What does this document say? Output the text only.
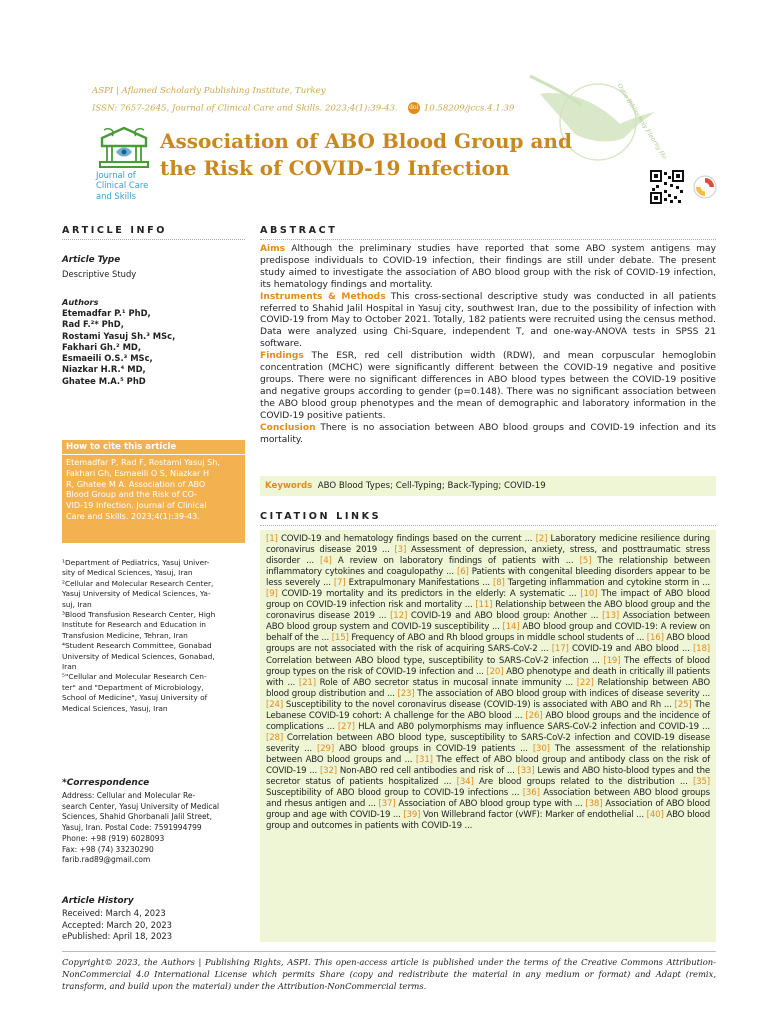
ASPI | Aflamed Scholarly Publishing Institute, Turkey
ISSN: 7657-2645, Journal of Clinical Care and Skills. 2023;4(1):39-43. doi 10.58209/jccs.4.1.39	Ostio Bibliocholy Flearny Ho
Journal of
Clinical Care
and Skills
Association of ABO Blood Group and
the Risk of COVID-19 Infection
ARTICLE INFO
Article Type
Descriptive Study
Authors
Etemadfar P.¹ PhD,
Rad F.²* PhD,
Rostami Yasuj Sh.³ MSc,
Fakhari Gh.² MD,
Esmaeili O.S.³ MSc,
Niazkar H.R.⁴ MD,
Ghatee M.A.⁵ PhD
How to cite this article
Etemadfar P, Rad F, Rostami Yasuj Sh,
Fakhari Gh, Esmaeili O S, Niazkar H
R, Ghatee M A. Association of ABO
Blood Group and the Risk of CO-
VID-19 Infection. Journal of Clinical
Care and Skills. 2023;4(1):39-43.
¹Department of Pediatrics, Yasuj Univer-
sity of Medical Sciences, Yasuj, Iran
²Cellular and Molecular Research Center,
Yasuj University of Medical Sciences, Ya-
suj, Iran
³Blood Transfusion Research Center, High
Institute for Research and Education in
Transfusion Medicine, Tehran, Iran
⁴Student Research Committee, Gonabad
University of Medical Sciences, Gonabad,
Iran
⁵"Cellular and Molecular Research Cen-
ter" and "Department of Microbiology,
School of Medicine", Yasuj University of
Medical Sciences, Yasuj, Iran
*Correspondence
Address: Cellular and Molecular Re-
search Center, Yasuj University of Medical
Sciences, Shahid Ghorbanali Jalil Street,
Yasuj, Iran. Postal Code: 7591994799
Phone: +98 (919) 6028093
Fax: +98 (74) 33230290
farib.rad89@gmail.com
Article History
Received: March 4, 2023
Accepted: March 20, 2023
ePublished: April 18, 2023
ABSTRACT

Aims Although the preliminary studies have reported that some ABO system antigens may predispose individuals to COVID-19 infection, their findings are still under debate. The present study aimed to investigate the association of ABO blood group with the risk of COVID-19 infection, its hematology findings and mortality.

Instruments & Methods This cross-sectional descriptive study was conducted in all patients referred to Shahid Jalil Hospital in Yasuj city, southwest Iran, due to the possibility of infection with COVID-19 from May to October 2021. Totally, 182 patients were recruited using the census method. Data were analyzed using Chi-Square, independent T, and one-way-ANOVA tests in SPSS 21 software.

Findings The ESR, red cell distribution width (RDW), and mean corpuscular hemoglobin concentration (MCHC) were significantly different between the COVID-19 negative and positive groups. There were no significant differences in ABO blood types between the COVID-19 positive and negative groups according to gender (p=0.148). There was no significant association between the ABO blood group phenotypes and the mean of demographic and laboratory information in the COVID-19 positive patients.

Conclusion There is no association between ABO blood groups and COVID-19 infection and its mortality.

Keywords ABO Blood Types; Cell-Typing; Back-Typing; COVID-19
CITATION LINKS

[1] COVID-19 and hematology findings based on the current ... [2] Laboratory medicine resilience during coronavirus disease 2019 ... [3] Assessment of depression, anxiety, stress, and posttraumatic stress disorder ... [4] A review on laboratory findings of patients with ... [5] The relationship between inflammatory cytokines and coagulopathy ... [6] Patients with congenital bleeding disorders appear to be less severely ... [7] Extrapulmonary Manifestations ... [8] Targeting inflammation and cytokine storm in ... [9] COVID-19 mortality and its predictors in the elderly: A systematic ... [10] The impact of ABO blood group on COVID-19 infection risk and mortality ... [11] Relationship between the ABO blood group and the coronavirus disease 2019 ... [12] COVID-19 and ABO blood group: Another ... [13] Association between ABO blood group system and COVID-19 susceptibility ... [14] ABO blood group and COVID-19: A review on behalf of the ... [15] Frequency of ABO and Rh blood groups in middle school students of ... [16] ABO blood groups are not associated with the risk of acquiring SARS-CoV-2 ... [17] COVID-19 and ABO blood ... [18] Correlation between ABO blood type, susceptibility to SARS-CoV-2 infection ... [19] The effects of blood group types on the risk of COVID-19 infection and ... [20] ABO phenotype and death in critically ill patients with ... [21] Role of ABO secretor status in mucosal innate immunity ... [22] Relationship between ABO blood group distribution and ... [23] The association of ABO blood group with indices of disease severity ... [24] Susceptibility to the novel coronavirus disease (COVID-19) is associated with ABO and Rh ... [25] The Lebanese COVID-19 cohort: A challenge for the ABO blood ... [26] ABO blood groups and the incidence of complications ... [27] HLA and AB0 polymorphisms may influence SARS-CoV-2 infection and COVID-19 ... [28] Correlation between ABO blood type, susceptibility to SARS-CoV-2 infection and COVID-19 disease severity ... [29] ABO blood groups in COVID-19 patients ... [30] The assessment of the relationship between ABO blood groups and ... [31] The effect of ABO blood group and antibody class on the risk of COVID-19 ... [32] Non-ABO red cell antibodies and risk of ... [33] Lewis and ABO histo-blood types and the secretor status of patients hospitalized ... [34] Are blood groups related to the distribution ... [35] Susceptibility of ABO blood group to COVID-19 infections ... [36] Association between ABO blood groups and rhesus antigen and ... [37] Association of ABO blood group type with ... [38] Association of ABO blood group and age with COVID-19 ... [39] Von Willebrand factor (vWF): Marker of endothelial ... [40] ABO blood group and outcomes in patients with COVID-19 ...

Copyright© 2023, the Authors | Publishing Rights, ASPI. This open-access article is published under the terms of the Creative Commons Attribution-NonCommercial 4.0 International License which permits Share (copy and redistribute the material in any medium or format) and Adapt (remix, transform, and build upon the material) under the Attribution-NonCommercial terms.
